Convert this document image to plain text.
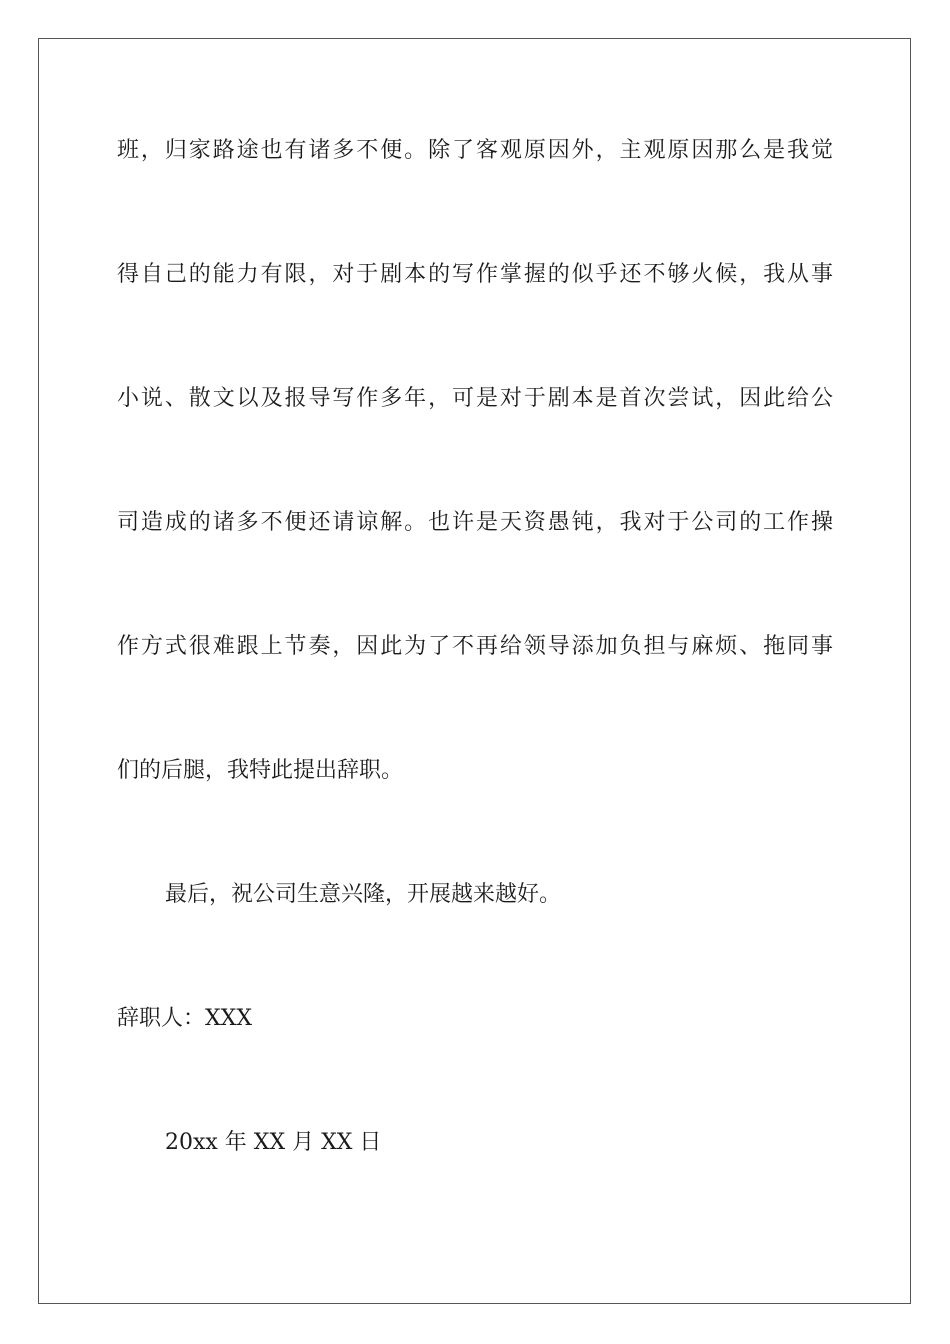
班，归家路途也有诸多不便。除了客观原因外，主观原因那么是我觉
得自己的能力有限，对于剧本的写作掌握的似乎还不够火候，我从事
小说、散文以及报导写作多年，可是对于剧本是首次尝试，因此给公
司造成的诸多不便还请谅解。也许是天资愚钝，我对于公司的工作操
作方式很难跟上节奏，因此为了不再给领导添加负担与麻烦、拖同事
们的后腿，我特此提出辞职。
最后，祝公司生意兴隆，开展越来越好。
辞职人：XXX
20xx 年 XX 月 XX 日
